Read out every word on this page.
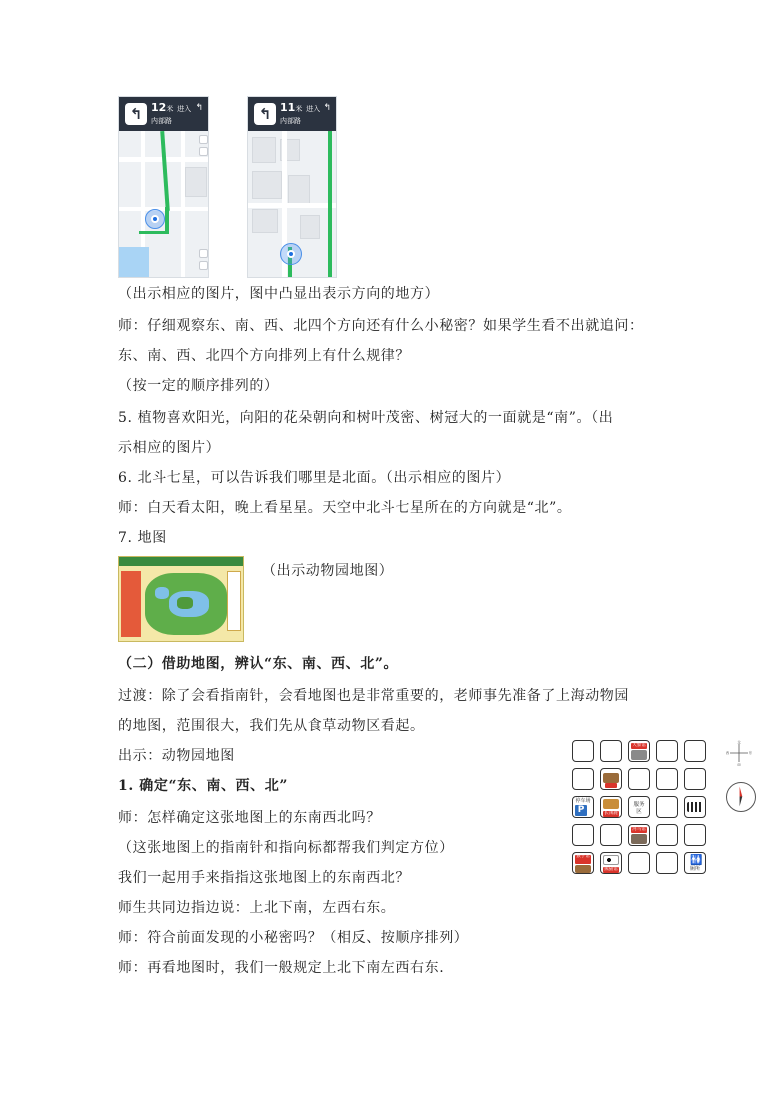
↰ 12米 进入
内部路
↰	↰ 11米 进入
内部路
↰
（出示相应的图片，图中凸显出表示方向的地方）
师：仔细观察东、南、西、北四个方向还有什么小秘密？如果学生看不出就追问：
东、南、西、北四个方向排列上有什么规律？
（按一定的顺序排列的）
5. 植物喜欢阳光，向阳的花朵朝向和树叶茂密、树冠大的一面就是“南”。（出
示相应的图片）
6. 北斗七星，可以告诉我们哪里是北面。（出示相应的图片）
师：白天看太阳，晚上看星星。天空中北斗七星所在的方向就是“北”。
7. 地图
（出示动物园地图）
（二）借助地图，辨认“东、南、西、北”。
过渡：除了会看指南针，会看地图也是非常重要的，老师事先准备了上海动物园
的地图，范围很大，我们先从食草动物区看起。
出示：动物园地图
1. 确定“东、南、西、北”
师：怎样确定这张地图上的东南西北吗？
（这张地图上的指南针和指向标都帮我们判定方位）
我们一起用手来指指这张地图上的东南西北？
师生共同边指边说：上北下南，左西右东。
师：符合前面发现的小秘密吗？（相反、按顺序排列）
师：再看地图时，我们一般规定上北下南左西右东.
大象馆
停车场
P	长颈鹿
服务区
河马馆
猴子馆
熊猫馆
🚻
厕所
北
南
西	东
